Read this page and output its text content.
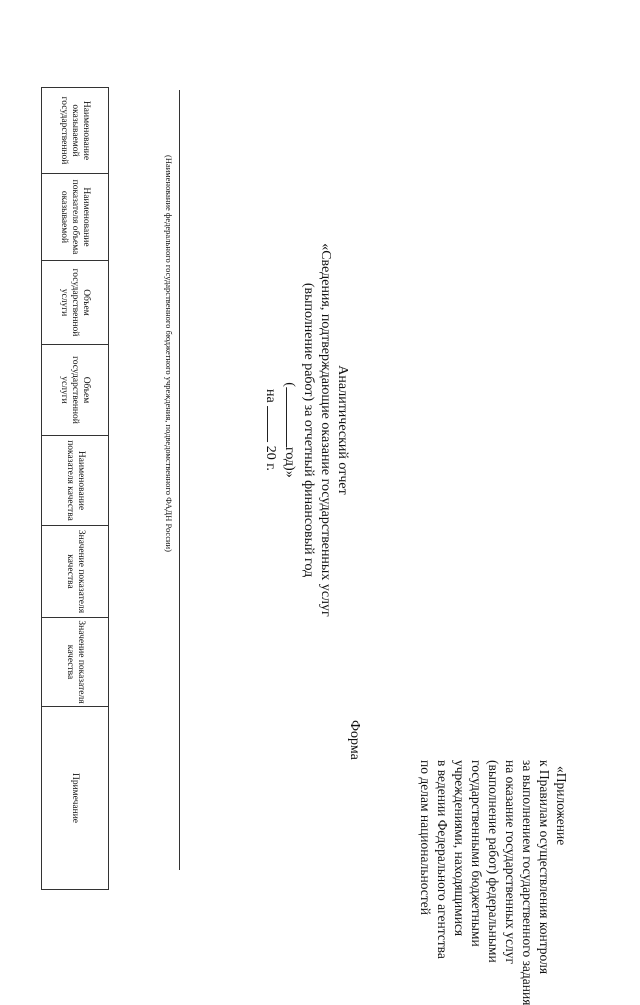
«Приложение
к Правилам осуществления контроля
за выполнением государственного задания
на оказание государственных услуг
(выполнение работ) федеральными
государственными бюджетными
учреждениями, находящимися
в ведении Федерального агентства
по делам национальностей
Форма
Аналитический отчет
«Сведения, подтверждающие оказание государственных услуг
(выполнение работ) за отчетный финансовый год
(год)»
на  20 г.
(Наименование федерального государственного бюджетного учреждения, подведомственного ФАДН России)
Наименование оказываемой государственной	Наименование показателя объема оказываемой	Объем государственной услуги	Объем государственной услуги	Наименование показателя качества	Значение показателя качества	Значение показателя качества	Примечание
